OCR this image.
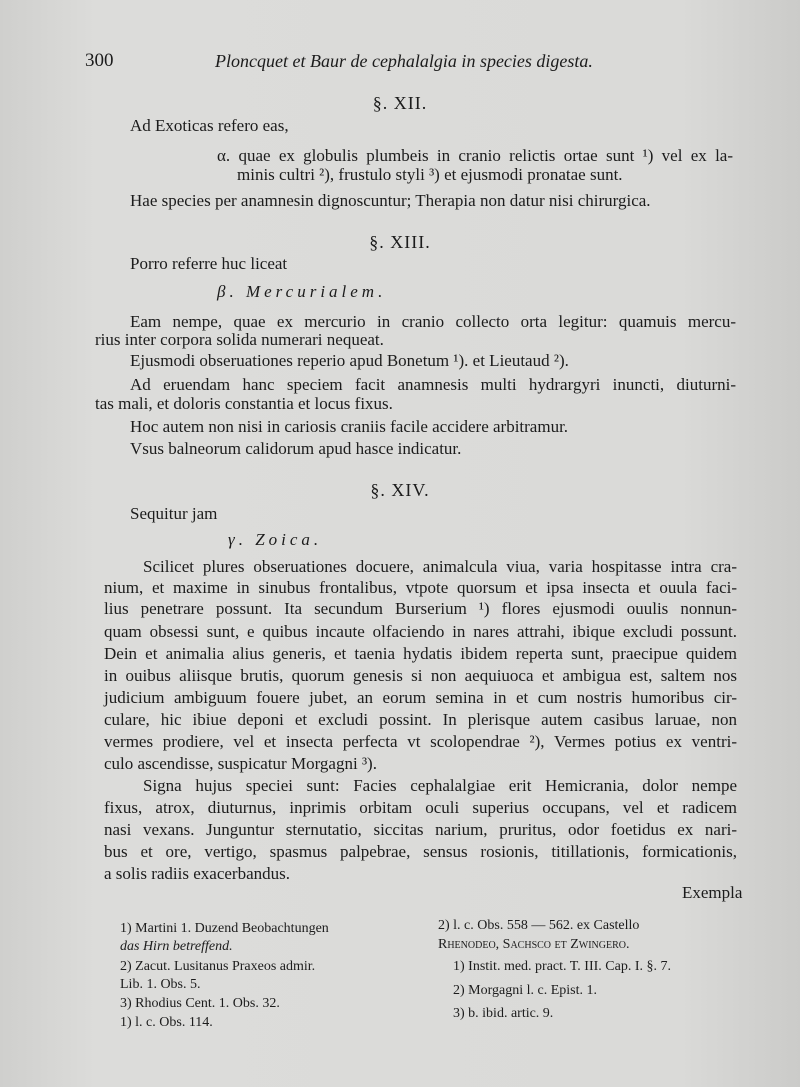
300	Ploncquet et Baur de cephalalgia in species digesta.
§. XII.
Ad Exoticas refero eas,
α. quae ex globulis plumbeis in cranio relictis ortae sunt ¹) vel ex la-
minis cultri ²), frustulo styli ³) et ejusmodi pronatae sunt.
Hae species per anamnesin dignoscuntur; Therapia non datur nisi chirurgica.
§. XIII.
Porro referre huc liceat
β. Mercurialem.
Eam nempe, quae ex mercurio in cranio collecto orta legitur: quamuis mercu-
rius inter corpora solida numerari nequeat.
Ejusmodi obseruationes reperio apud Bonetum ¹). et Lieutaud ²).
Ad eruendam hanc speciem facit anamnesis multi hydrargyri inuncti, diuturni-
tas mali, et doloris constantia et locus fixus.
Hoc autem non nisi in cariosis craniis facile accidere arbitramur.
Vsus balneorum calidorum apud hasce indicatur.
§. XIV.
Sequitur jam
γ. Zoica.
Scilicet plures obseruationes docuere, animalcula viua, varia hospitasse intra cra-
nium, et maxime in sinubus frontalibus, vtpote quorsum et ipsa insecta et ouula faci-
lius penetrare possunt. Ita secundum Burserium ¹) flores ejusmodi ouulis nonnun-
quam obsessi sunt, e quibus incaute olfaciendo in nares attrahi, ibique excludi possunt.
Dein et animalia alius generis, et taenia hydatis ibidem reperta sunt, praecipue quidem
in ouibus aliisque brutis, quorum genesis si non aequiuoca et ambigua est, saltem nos
judicium ambiguum fouere jubet, an eorum semina in et cum nostris humoribus cir-
culare, hic ibiue deponi et excludi possint. In plerisque autem casibus laruae, non
vermes prodiere, vel et insecta perfecta vt scolopendrae ²), Vermes potius ex ventri-
culo ascendisse, suspicatur Morgagni ³).
Signa hujus speciei sunt: Facies cephalalgiae erit Hemicrania, dolor nempe
fixus, atrox, diuturnus, inprimis orbitam oculi superius occupans, vel et radicem
nasi vexans. Junguntur sternutatio, siccitas narium, pruritus, odor foetidus ex nari-
bus et ore, vertigo, spasmus palpebrae, sensus rosionis, titillationis, formicationis,
a solis radiis exacerbandus.
Exempla
1) Martini 1. Duzend Beobachtungen
das Hirn betreffend.
2) Zacut. Lusitanus Praxeos admir.
Lib. 1. Obs. 5.
3) Rhodius Cent. 1. Obs. 32.
1) l. c. Obs. 114.
2) l. c. Obs. 558 — 562. ex Castello
Rhenodeo, Sachsco et Zwingero.
1) Instit. med. pract. T. III. Cap. I. §. 7.
2) Morgagni l. c. Epist. 1.
3) b. ibid. artic. 9.
